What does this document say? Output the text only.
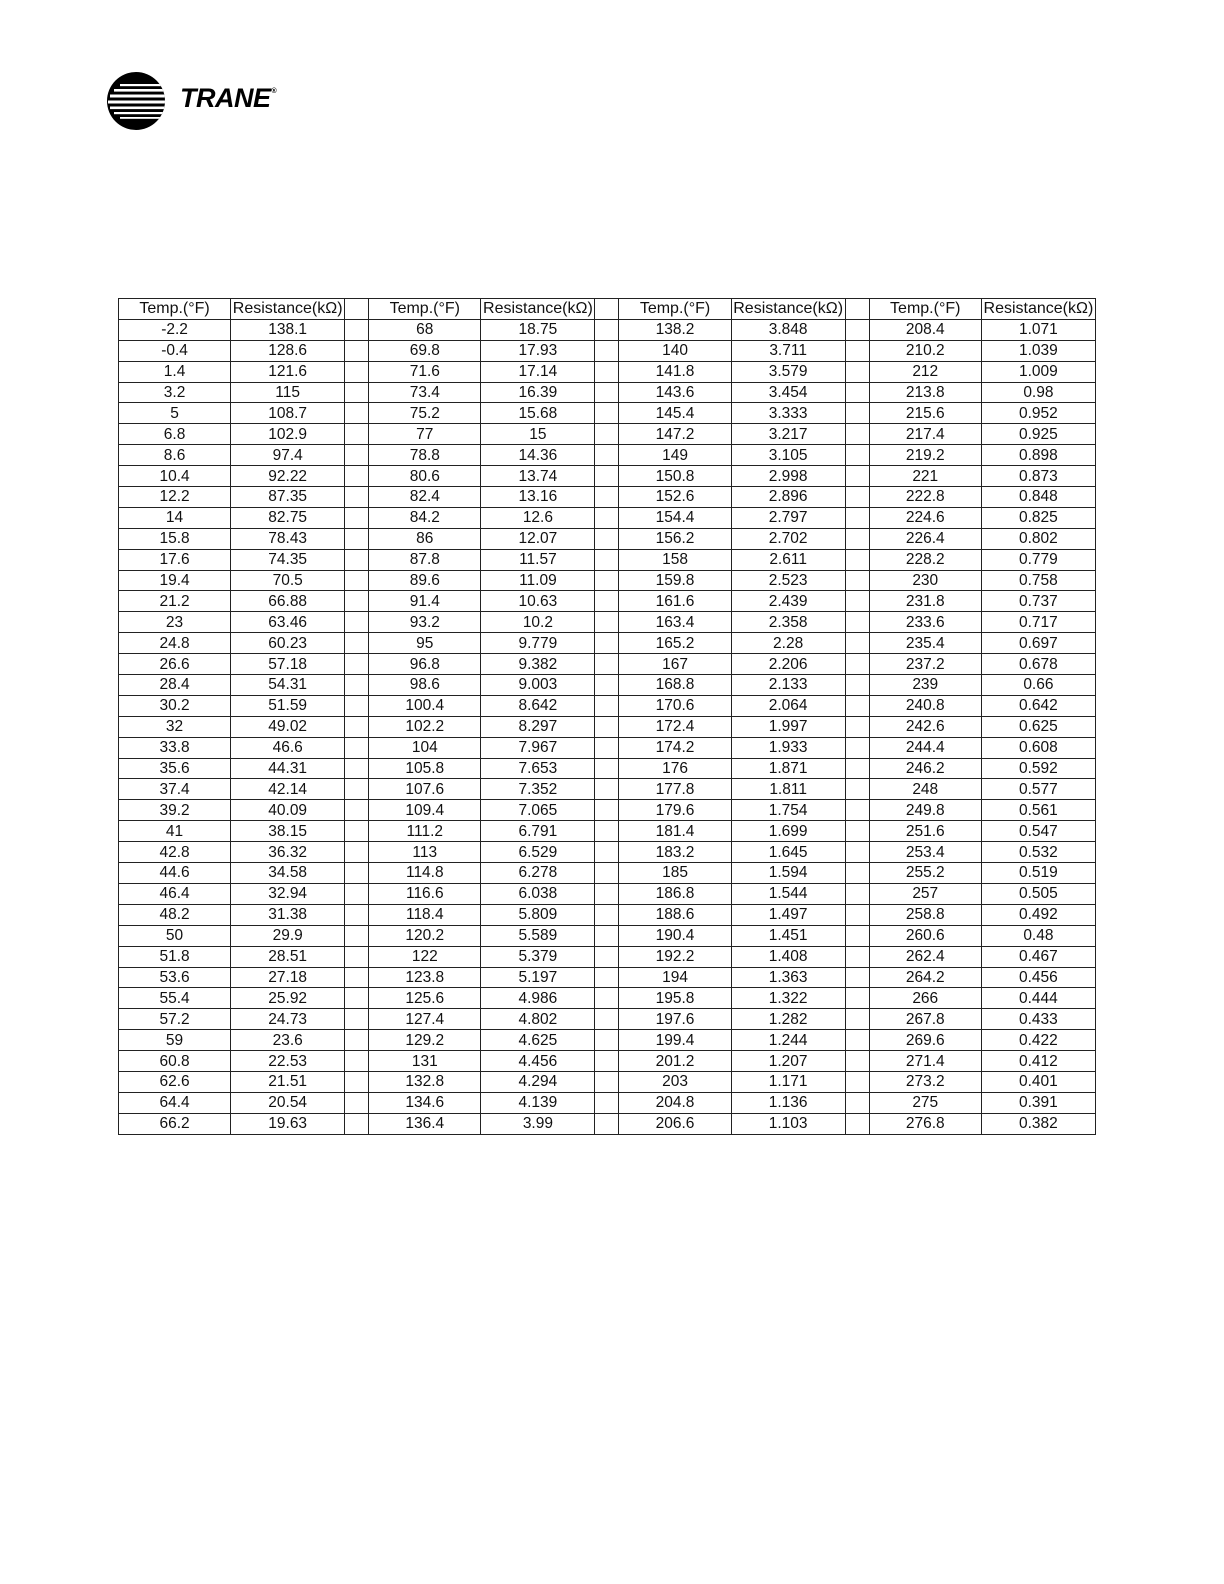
TRANE®
Temp.(°F)	Resistance(kΩ)		Temp.(°F)	Resistance(kΩ)		Temp.(°F)	Resistance(kΩ)		Temp.(°F)	Resistance(kΩ)
-2.2	138.1		68	18.75		138.2	3.848		208.4	1.071
-0.4	128.6		69.8	17.93		140	3.711		210.2	1.039
1.4	121.6		71.6	17.14		141.8	3.579		212	1.009
3.2	115		73.4	16.39		143.6	3.454		213.8	0.98
5	108.7		75.2	15.68		145.4	3.333		215.6	0.952
6.8	102.9		77	15		147.2	3.217		217.4	0.925
8.6	97.4		78.8	14.36		149	3.105		219.2	0.898
10.4	92.22		80.6	13.74		150.8	2.998		221	0.873
12.2	87.35		82.4	13.16		152.6	2.896		222.8	0.848
14	82.75		84.2	12.6		154.4	2.797		224.6	0.825
15.8	78.43		86	12.07		156.2	2.702		226.4	0.802
17.6	74.35		87.8	11.57		158	2.611		228.2	0.779
19.4	70.5		89.6	11.09		159.8	2.523		230	0.758
21.2	66.88		91.4	10.63		161.6	2.439		231.8	0.737
23	63.46		93.2	10.2		163.4	2.358		233.6	0.717
24.8	60.23		95	9.779		165.2	2.28		235.4	0.697
26.6	57.18		96.8	9.382		167	2.206		237.2	0.678
28.4	54.31		98.6	9.003		168.8	2.133		239	0.66
30.2	51.59		100.4	8.642		170.6	2.064		240.8	0.642
32	49.02		102.2	8.297		172.4	1.997		242.6	0.625
33.8	46.6		104	7.967		174.2	1.933		244.4	0.608
35.6	44.31		105.8	7.653		176	1.871		246.2	0.592
37.4	42.14		107.6	7.352		177.8	1.811		248	0.577
39.2	40.09		109.4	7.065		179.6	1.754		249.8	0.561
41	38.15		111.2	6.791		181.4	1.699		251.6	0.547
42.8	36.32		113	6.529		183.2	1.645		253.4	0.532
44.6	34.58		114.8	6.278		185	1.594		255.2	0.519
46.4	32.94		116.6	6.038		186.8	1.544		257	0.505
48.2	31.38		118.4	5.809		188.6	1.497		258.8	0.492
50	29.9		120.2	5.589		190.4	1.451		260.6	0.48
51.8	28.51		122	5.379		192.2	1.408		262.4	0.467
53.6	27.18		123.8	5.197		194	1.363		264.2	0.456
55.4	25.92		125.6	4.986		195.8	1.322		266	0.444
57.2	24.73		127.4	4.802		197.6	1.282		267.8	0.433
59	23.6		129.2	4.625		199.4	1.244		269.6	0.422
60.8	22.53		131	4.456		201.2	1.207		271.4	0.412
62.6	21.51		132.8	4.294		203	1.171		273.2	0.401
64.4	20.54		134.6	4.139		204.8	1.136		275	0.391
66.2	19.63		136.4	3.99		206.6	1.103		276.8	0.382
